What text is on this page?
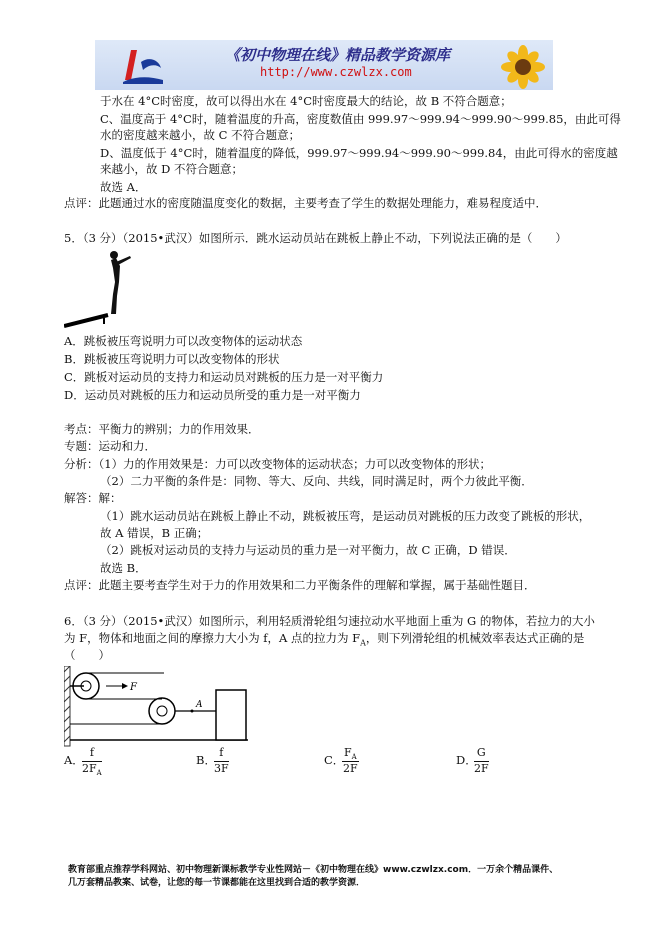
《初中物理在线》精品教学资源库
http://www.czwlzx.com
于水在 4°C时密度，故可以得出水在 4°C时密度最大的结论，故 B 不符合题意；
C、温度高于 4°C时，随着温度的升高，密度数值由 999.97～999.94～999.90～999.85，由此可得
水的密度越来越小，故 C 不符合题意；
D、温度低于 4°C时，随着温度的降低，999.97～999.94～999.90～999.84，由此可得水的密度越
来越小，故 D 不符合题意；
故选 A．
点评：此题通过水的密度随温度变化的数据，主要考查了学生的数据处理能力，难易程度适中．
5．（3 分）（2015•武汉）如图所示．跳水运动员站在跳板上静止不动，下列说法正确的是（　　）
A．跳板被压弯说明力可以改变物体的运动状态
B．跳板被压弯说明力可以改变物体的形状
C．跳板对运动员的支持力和运动员对跳板的压力是一对平衡力
D．运动员对跳板的压力和运动员所受的重力是一对平衡力
考点：平衡力的辨别；力的作用效果．
专题：运动和力．
分析：（1）力的作用效果是：力可以改变物体的运动状态；力可以改变物体的形状；
（2）二力平衡的条件是：同物、等大、反向、共线，同时满足时，两个力彼此平衡．
解答：解：
（1）跳水运动员站在跳板上静止不动，跳板被压弯，是运动员对跳板的压力改变了跳板的形状，
故 A 错误，B 正确；
（2）跳板对运动员的支持力与运动员的重力是一对平衡力，故 C 正确，D 错误．
故选 B．
点评：此题主要考查学生对于力的作用效果和二力平衡条件的理解和掌握，属于基础性题目．
6．（3 分）（2015•武汉）如图所示，利用轻质滑轮组匀速拉动水平地面上重为 G 的物体，若拉力的大小
为 F，物体和地面之间的摩擦力大小为 f，A 点的拉力为 $F_A$，则下列滑轮组的机械效率表达式正确的是
（　　）
F
A
A．
$\frac{f}{2F_A}$	B．
$\frac{f}{3F}$	C．
$\frac{F_A}{2F}$	D．
$\frac{G}{2F}$
教育部重点推荐学科网站、初中物理新课标教学专业性网站－《初中物理在线》www.czwlzx.com．一万余个精品课件、
几万套精品教案、试卷，让您的每一节课都能在这里找到合适的教学资源．
